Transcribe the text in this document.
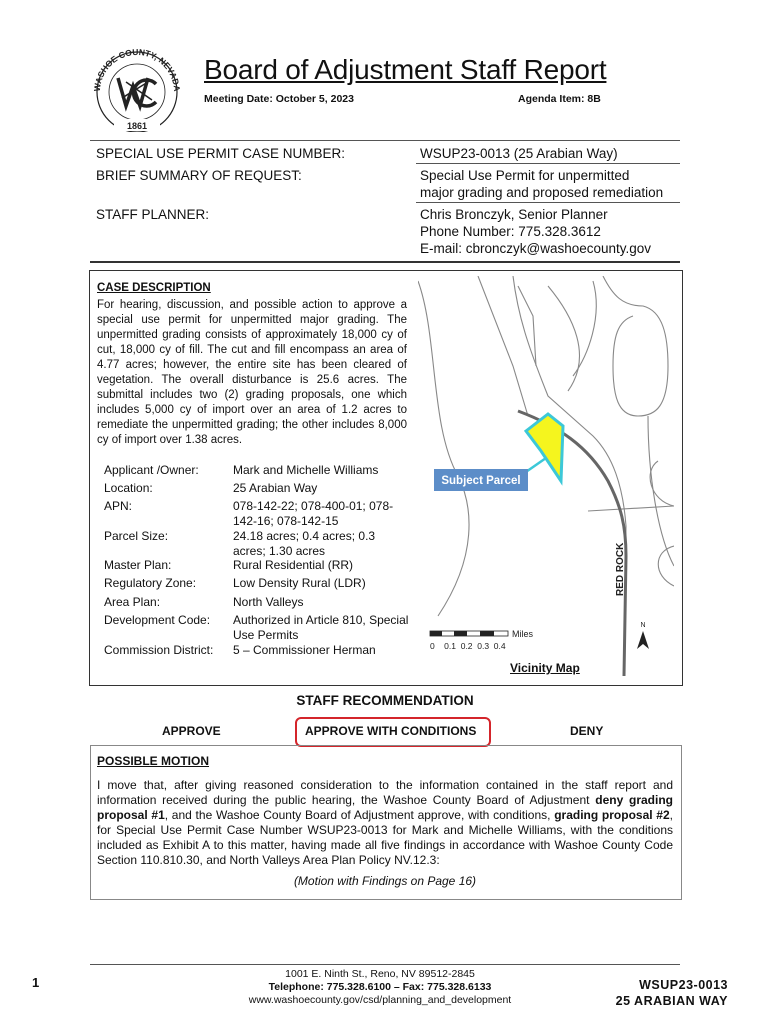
WASHOE COUNTY, NEVADA
1861
Board of Adjustment Staff Report
Meeting Date: October 5, 2023	Agenda Item: 8B
SPECIAL USE PERMIT CASE NUMBER:	WSUP23-0013 (25 Arabian Way)
BRIEF SUMMARY OF REQUEST:	Special Use Permit for unpermitted
major grading and proposed remediation
STAFF PLANNER:	Chris Bronczyk, Senior Planner
Phone Number: 775.328.3612
E-mail: cbronczyk@washoecounty.gov
CASE DESCRIPTION
For hearing, discussion, and possible action to approve a special use permit for unpermitted major grading. The unpermitted grading consists of approximately 18,000 cy of cut, 18,000 cy of fill. The cut and fill encompass an area of 4.77 acres; however, the entire site has been cleared of vegetation. The overall disturbance is 25.6 acres. The submittal includes two (2) grading proposals, one which includes 5,000 cy of import over an area of 1.2 acres to remediate the unpermitted grading; the other includes 8,000 cy of import over 1.38 acres.
Applicant /Owner:	Mark and Michelle Williams
Location:	25 Arabian Way
APN:	078-142-22; 078-400-01; 078-142-16; 078-142-15
Parcel Size:	24.18 acres; 0.4 acres; 0.3 acres; 1.30 acres
Master Plan:	Rural Residential (RR)
Regulatory Zone:	Low Density Rural (LDR)
Area Plan:	North Valleys
Development Code: Authorized in Article 810, Special Use Permits
Commission District: 5 – Commissioner Herman
Subject Parcel
RED ROCK
Miles
0    0.1  0.2  0.3  0.4
N
Vicinity Map
STAFF RECOMMENDATION
APPROVE	APPROVE WITH CONDITIONS	DENY
POSSIBLE MOTION
I move that, after giving reasoned consideration to the information contained in the staff report and information received during the public hearing, the Washoe County Board of Adjustment deny grading proposal #1, and the Washoe County Board of Adjustment approve, with conditions, grading proposal #2, for Special Use Permit Case Number WSUP23-0013 for Mark and Michelle Williams, with the conditions included as Exhibit A to this matter, having made all five findings in accordance with Washoe County Code Section 110.810.30, and North Valleys Area Plan Policy NV.12.3:
(Motion with Findings on Page 16)
1
1001 E. Ninth St., Reno, NV 89512-2845
Telephone: 775.328.6100 – Fax: 775.328.6133
www.washoecounty.gov/csd/planning_and_development
WSUP23-0013
25 ARABIAN WAY
